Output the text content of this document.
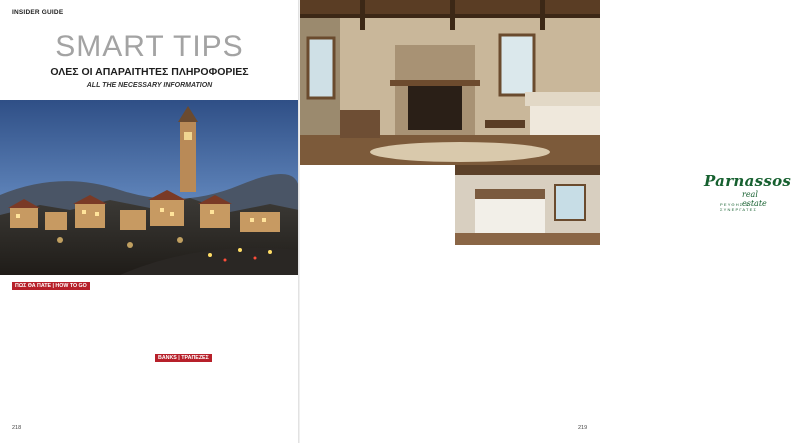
INSIDER GUIDE
SMART TIPS
ΟΛΕΣ ΟΙ ΑΠΑΡΑΙΤΗΤΕΣ ΠΛΗΡΟΦΟΡΙΕΣ
ALL THE NECESSARY INFORMATION
ΠΩΣ ΘΑ ΠΑΤΕ | HOW TO GO
ΒΑΝΚS | ΤΡΑΠΕΖΕΣ
218
Parnassos
real estate
ΡΕΥΘΗΣ & ΣΥΝΕΡΓΑΤΕΣ
219
